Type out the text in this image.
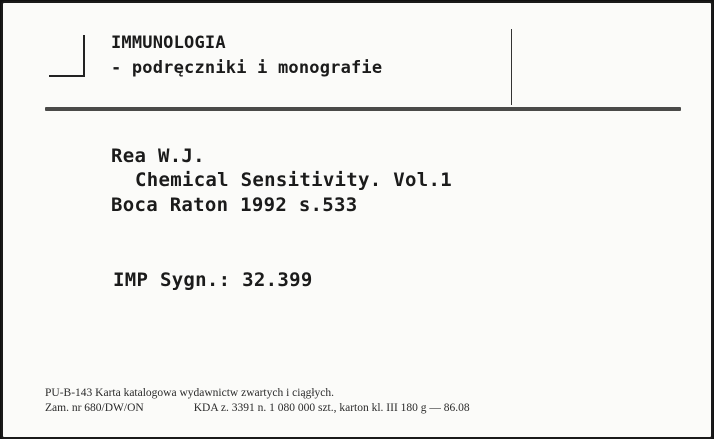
IMMUNOLOGIA
- podręczniki i monografie
Rea W.J.
Chemical Sensitivity. Vol.1
Boca Raton 1992 s.533
IMP Sygn.: 32.399
PU-B-143 Karta katalogowa wydawnictw zwartych i ciągłych.
Zam. nr 680/DW/ON	KDA z. 3391 n. 1 080 000 szt., karton kl. III 180 g — 86.08
